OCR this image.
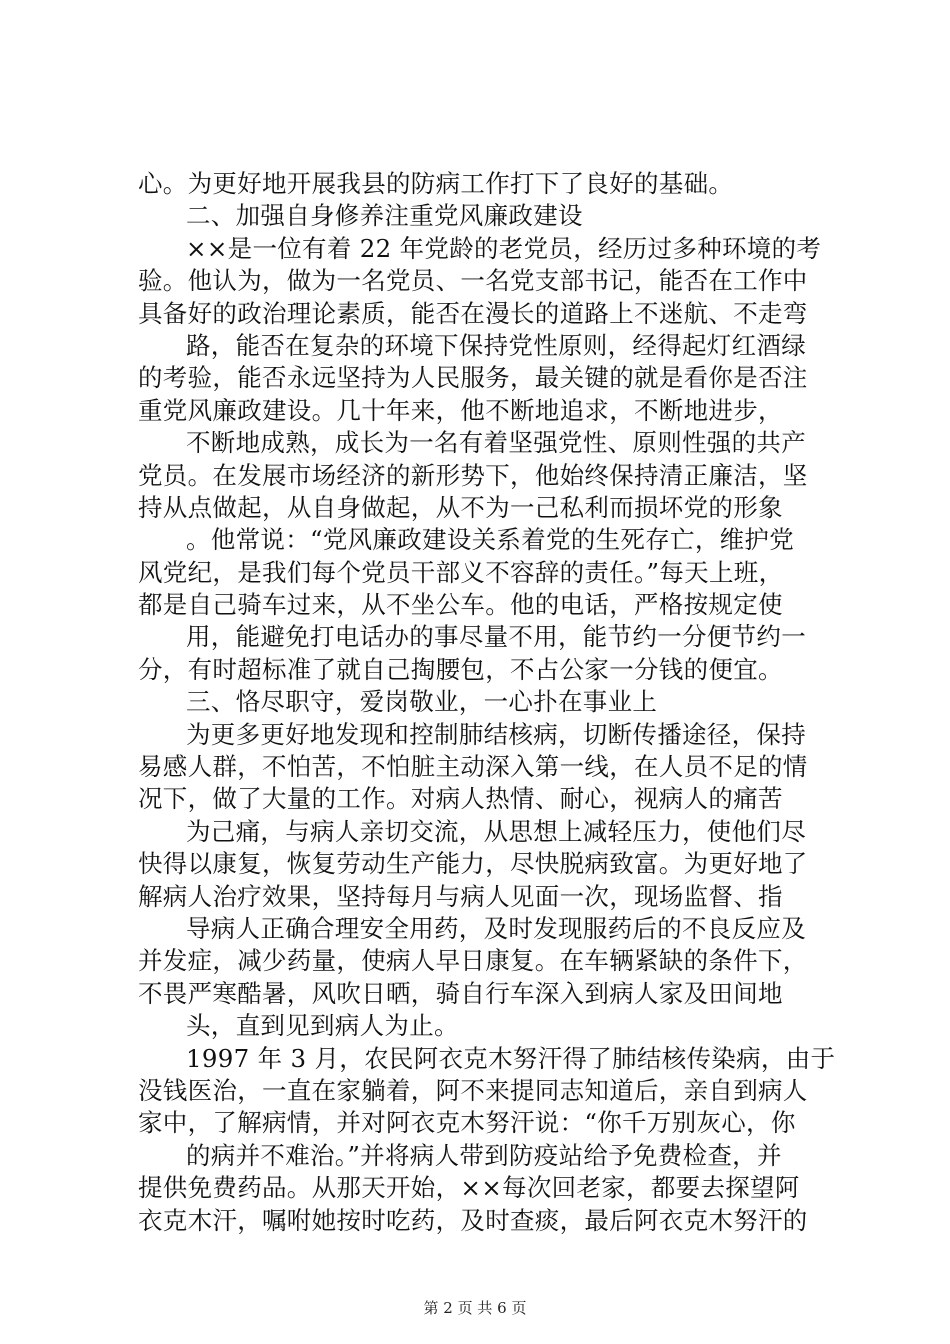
心。为更好地开展我县的防病工作打下了良好的基础。
二、加强自身修养注重党风廉政建设
××是一位有着 22 年党龄的老党员，经历过多种环境的考
验。他认为，做为一名党员、一名党支部书记，能否在工作中
具备好的政治理论素质，能否在漫长的道路上不迷航、不走弯
路，能否在复杂的环境下保持党性原则，经得起灯红酒绿
的考验，能否永远坚持为人民服务，最关键的就是看你是否注
重党风廉政建设。几十年来，他不断地追求，不断地进步，
不断地成熟，成长为一名有着坚强党性、原则性强的共产
党员。在发展市场经济的新形势下，他始终保持清正廉洁，坚
持从点做起，从自身做起，从不为一己私利而损坏党的形象
。他常说：“党风廉政建设关系着党的生死存亡，维护党
风党纪，是我们每个党员干部义不容辞的责任。”每天上班，
都是自己骑车过来，从不坐公车。他的电话，严格按规定使
用，能避免打电话办的事尽量不用，能节约一分便节约一
分，有时超标准了就自己掏腰包，不占公家一分钱的便宜。
三、恪尽职守，爱岗敬业，一心扑在事业上
为更多更好地发现和控制肺结核病，切断传播途径，保持
易感人群，不怕苦，不怕脏主动深入第一线，在人员不足的情
况下，做了大量的工作。对病人热情、耐心，视病人的痛苦
为己痛，与病人亲切交流，从思想上减轻压力，使他们尽
快得以康复，恢复劳动生产能力，尽快脱病致富。为更好地了
解病人治疗效果，坚持每月与病人见面一次，现场监督、指
导病人正确合理安全用药，及时发现服药后的不良反应及
并发症，减少药量，使病人早日康复。在车辆紧缺的条件下，
不畏严寒酷暑，风吹日晒，骑自行车深入到病人家及田间地
头，直到见到病人为止。
1997 年 3 月，农民阿衣克木努汗得了肺结核传染病，由于
没钱医治，一直在家躺着，阿不来提同志知道后，亲自到病人
家中，了解病情，并对阿衣克木努汗说：“你千万别灰心，你
的病并不难治。”并将病人带到防疫站给予免费检查，并
提供免费药品。从那天开始，××每次回老家，都要去探望阿
衣克木汗，嘱咐她按时吃药，及时查痰，最后阿衣克木努汗的
第 2 页 共 6 页
